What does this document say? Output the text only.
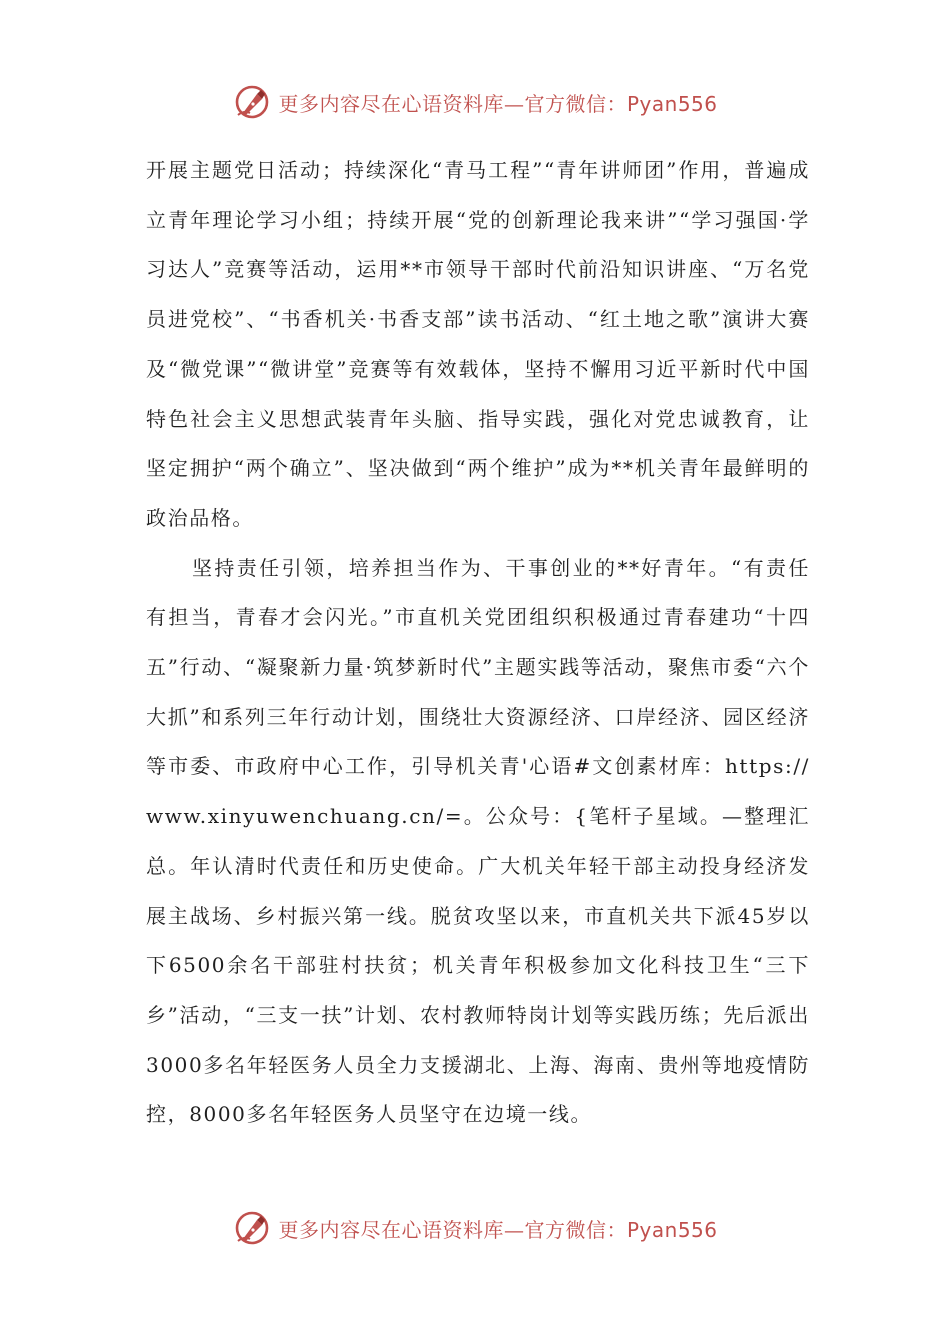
更多内容尽在心语资料库—官方微信：Pyan556

开展主题党日活动；持续深化“青马工程”“青年讲师团”作用，普遍成立青年理论学习小组；持续开展“党的创新理论我来讲”“学习强国·学习达人”竞赛等活动，运用**市领导干部时代前沿知识讲座、“万名党员进党校”、“书香机关·书香支部”读书活动、“红土地之歌”演讲大赛及“微党课”“微讲堂”竞赛等有效载体，坚持不懈用习近平新时代中国特色社会主义思想武装青年头脑、指导实践，强化对党忠诚教育，让坚定拥护“两个确立”、坚决做到“两个维护”成为**机关青年最鲜明的政治品格。

坚持责任引领，培养担当作为、干事创业的**好青年。“有责任有担当，青春才会闪光。”市直机关党团组织积极通过青春建功“十四五”行动、“凝聚新力量·筑梦新时代”主题实践等活动，聚焦市委“六个大抓”和系列三年行动计划，围绕壮大资源经济、口岸经济、园区经济等市委、市政府中心工作，引导机关青'心语#文创素材库：https://www.xinyuwenchuang.cn/=。公众号：{笔杆子星域。—整理汇总。年认清时代责任和历史使命。广大机关年轻干部主动投身经济发展主战场、乡村振兴第一线。脱贫攻坚以来，市直机关共下派45岁以下6500余名干部驻村扶贫；机关青年积极参加文化科技卫生“三下乡”活动，“三支一扶”计划、农村教师特岗计划等实践历练；先后派出3000多名年轻医务人员全力支援湖北、上海、海南、贵州等地疫情防控，8000多名年轻医务人员坚守在边境一线。

更多内容尽在心语资料库—官方微信：Pyan556
